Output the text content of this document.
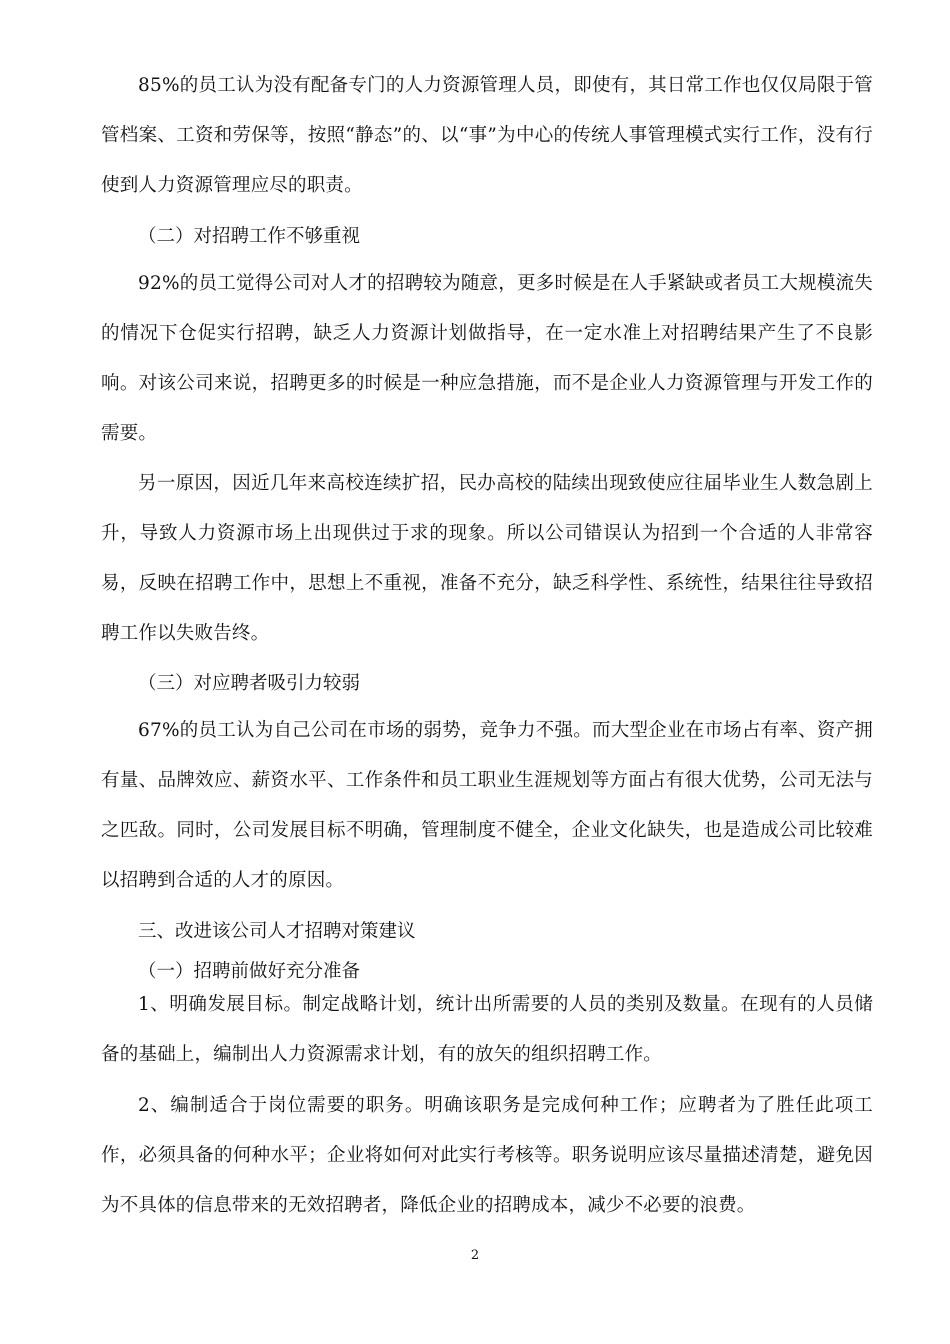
85%的员工认为没有配备专门的人力资源管理人员，即使有，其日常工作也仅仅局限于管管档案、工资和劳保等，按照“静态”的、以“事”为中心的传统人事管理模式实行工作，没有行使到人力资源管理应尽的职责。

（二）对招聘工作不够重视

92%的员工觉得公司对人才的招聘较为随意，更多时候是在人手紧缺或者员工大规模流失的情况下仓促实行招聘，缺乏人力资源计划做指导，在一定水准上对招聘结果产生了不良影响。对该公司来说，招聘更多的时候是一种应急措施，而不是企业人力资源管理与开发工作的需要。

另一原因，因近几年来高校连续扩招，民办高校的陆续出现致使应往届毕业生人数急剧上升，导致人力资源市场上出现供过于求的现象。所以公司错误认为招到一个合适的人非常容易，反映在招聘工作中，思想上不重视，准备不充分，缺乏科学性、系统性，结果往往导致招聘工作以失败告终。

（三）对应聘者吸引力较弱

67%的员工认为自己公司在市场的弱势，竞争力不强。而大型企业在市场占有率、资产拥有量、品牌效应、薪资水平、工作条件和员工职业生涯规划等方面占有很大优势，公司无法与之匹敌。同时，公司发展目标不明确，管理制度不健全，企业文化缺失，也是造成公司比较难以招聘到合适的人才的原因。

三、改进该公司人才招聘对策建议

（一）招聘前做好充分准备

1、明确发展目标。制定战略计划，统计出所需要的人员的类别及数量。在现有的人员储备的基础上，编制出人力资源需求计划，有的放矢的组织招聘工作。

2、编制适合于岗位需要的职务。明确该职务是完成何种工作；应聘者为了胜任此项工作，必须具备的何种水平；企业将如何对此实行考核等。职务说明应该尽量描述清楚，避免因为不具体的信息带来的无效招聘者，降低企业的招聘成本，减少不必要的浪费。

2
